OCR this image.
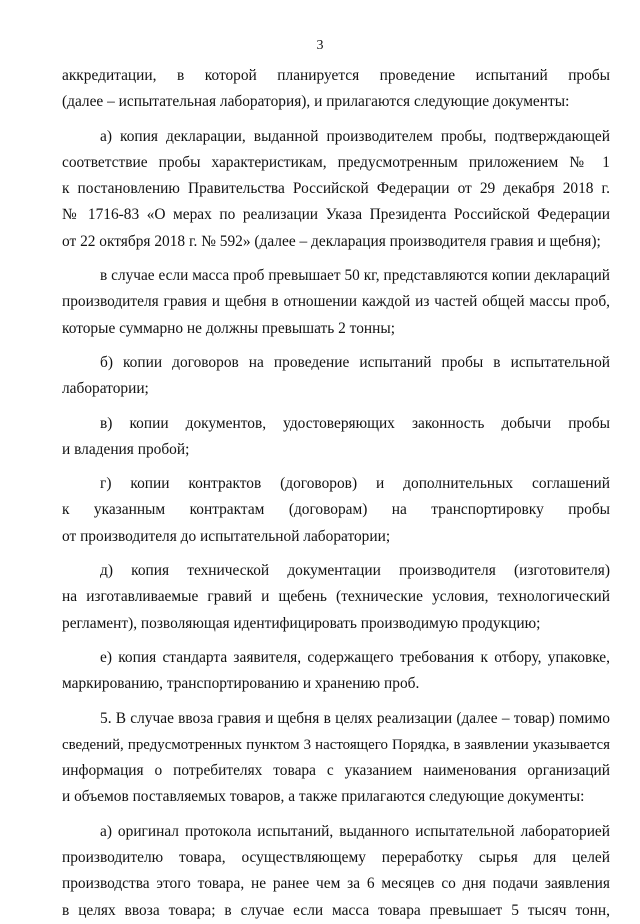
3
аккредитации, в которой планируется проведение испытаний пробы
(далее – испытательная лаборатория), и прилагаются следующие документы:
а) копия декларации, выданной производителем пробы, подтверждающей
соответствие пробы характеристикам, предусмотренным приложением № 1
к постановлению Правительства Российской Федерации от 29 декабря 2018 г.
№ 1716-83 «О мерах по реализации Указа Президента Российской Федерации
от 22 октября 2018 г. № 592» (далее – декларация производителя гравия и щебня);
в случае если масса проб превышает 50 кг, представляются копии деклараций
производителя гравия и щебня в отношении каждой из частей общей массы проб,
которые суммарно не должны превышать 2 тонны;
б) копии договоров на проведение испытаний пробы в испытательной
лаборатории;
в) копии документов, удостоверяющих законность добычи пробы
и владения пробой;
г) копии контрактов (договоров) и дополнительных соглашений
к указанным контрактам (договорам) на транспортировку пробы
от производителя до испытательной лаборатории;
д) копия технической документации производителя (изготовителя)
на изготавливаемые гравий и щебень (технические условия, технологический
регламент), позволяющая идентифицировать производимую продукцию;
е) копия стандарта заявителя, содержащего требования к отбору, упаковке,
маркированию, транспортированию и хранению проб.
5. В случае ввоза гравия и щебня в целях реализации (далее – товар) помимо
сведений, предусмотренных пунктом 3 настоящего Порядка, в заявлении указывается
информация о потребителях товара с указанием наименования организаций
и объемов поставляемых товаров, а также прилагаются следующие документы:
а) оригинал протокола испытаний, выданного испытательной лабораторией
производителю товара, осуществляющему переработку сырья для целей
производства этого товара, не ранее чем за 6 месяцев со дня подачи заявления
в целях ввоза товара; в случае если масса товара превышает 5 тысяч тонн,
